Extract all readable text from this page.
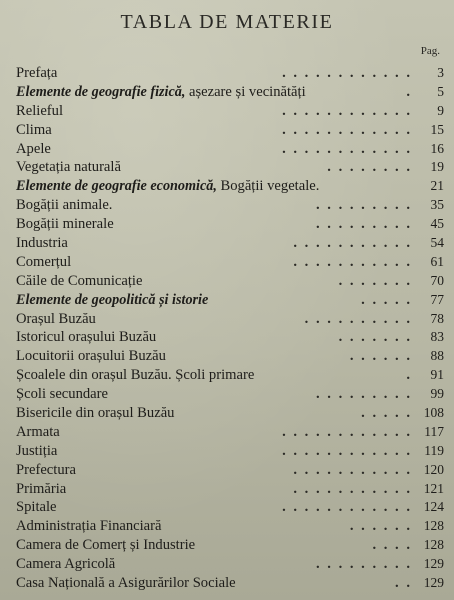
TABLA DE MATERIE
Pag.
Prefața	. . . . . . . . . . . .	3
Elemente de geografie fizică, așezare și vecinătăți	.	5
Relieful	. . . . . . . . . . . .	9
Clima	. . . . . . . . . . . .	15
Apele	. . . . . . . . . . . .	16
Vegetația naturală	. . . . . . . .	19
Elemente de geografie economică, Bogății vegetale.	21
Bogății animale.	. . . . . . . . .	35
Bogății minerale	. . . . . . . . .	45
Industria	. . . . . . . . . . .	54
Comerțul	. . . . . . . . . . .	61
Căile de Comunicație	. . . . . . .	70
Elemente de geopolitică și istorie	. . . . .	77
Orașul Buzău	. . . . . . . . . .	78
Istoricul orașului Buzău	. . . . . . .	83
Locuitorii orașului Buzău	. . . . . .	88
Școalele din orașul Buzău. Școli primare	.	91
Școli secundare	. . . . . . . . .	99
Bisericile din orașul Buzău	. . . . . 108
Armata	. . . . . . . . . . . . 117
Justiția	. . . . . . . . . . . . 119
Prefectura	. . . . . . . . . . . 120
Primăria	. . . . . . . . . . . 121
Spitale	. . . . . . . . . . . . 124
Administrația Financiară	. . . . . . 128
Camera de Comerț și Industrie	. . . . 128
Camera Agricolă	. . . . . . . . . 129
Casa Națională a Asigurărilor Sociale	. . 129
